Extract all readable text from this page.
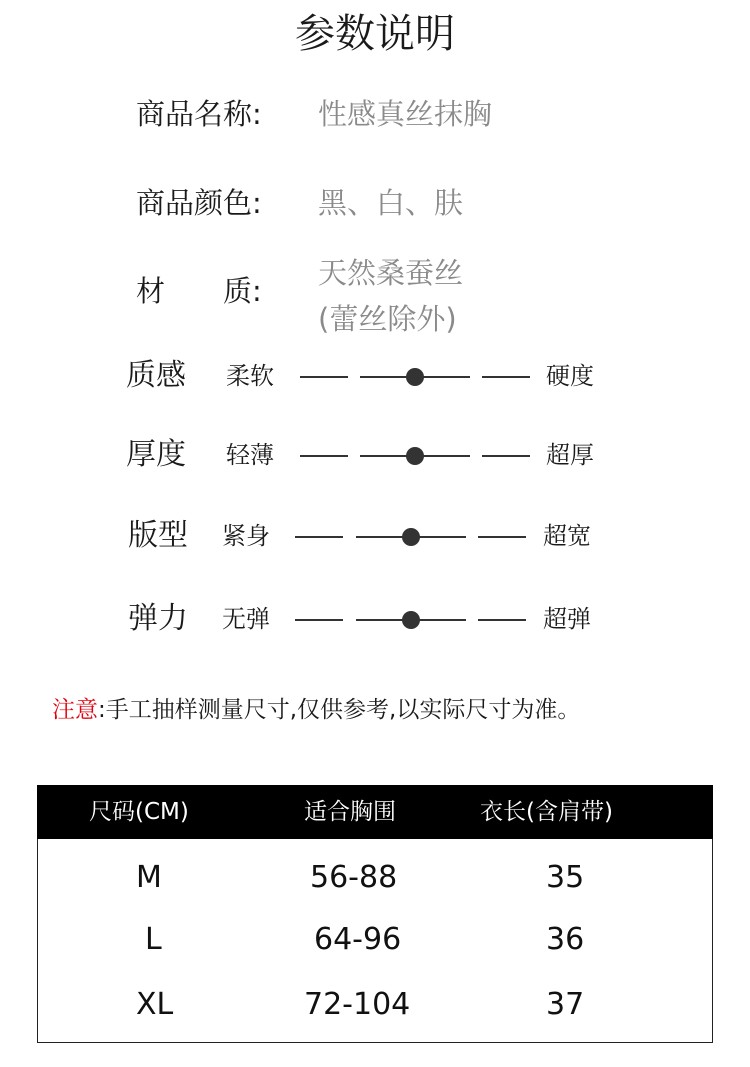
参数说明
商品名称: 性感真丝抹胸
商品颜色: 黑、白、肤
材 质:
天然桑蚕丝
(蕾丝除外)
质感 柔软	硬度
厚度 轻薄	超厚
版型 紧身	超宽
弹力 无弹	超弹
注意:手工抽样测量尺寸,仅供参考,以实际尺寸为准。
尺码(CM)	适合胸围	衣长(含肩带)
M	56-88	35
L	64-96	36
XL	72-104	37
